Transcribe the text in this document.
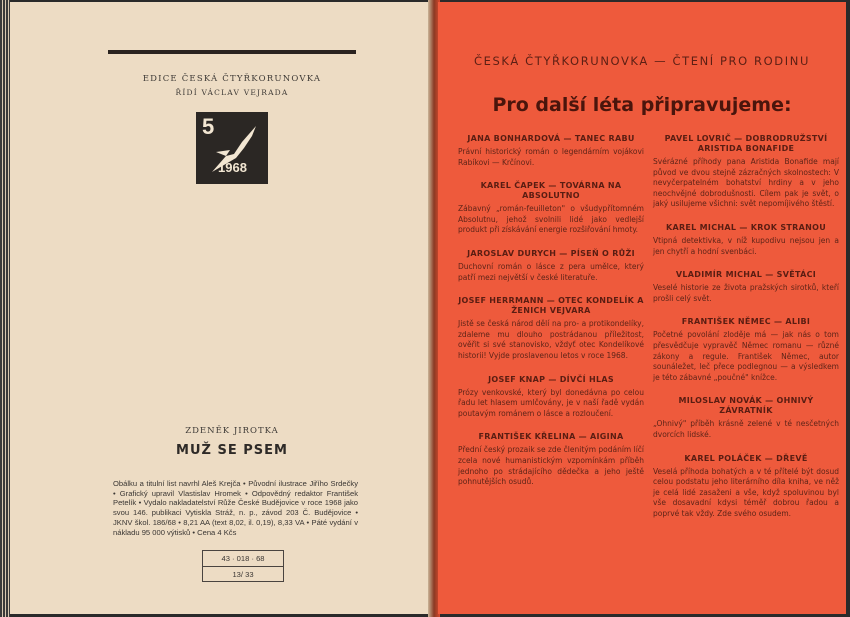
EDICE ČESKÁ ČTYŘKORUNOVKA
ŘÍDÍ VÁCLAV VEJRADA
5
1968
ZDENĚK JIROTKA
MUŽ SE PSEM
Obálku a titulní list navrhl Aleš Krejča • Původní ilustrace Jiřího Srdečky • Grafický upravil Vlastislav Hromek • Odpovědný redaktor František Petelík • Vydalo nakladatelství Růže České Budějovice v roce 1968 jako svou 146. publikaci Vytiskla Stráž, n. p., závod 203 Č. Budějovice • JKNV škol. 186/68 • 8,21 AA (text 8,02, il. 0,19), 8,33 VA • Páté vydání v nákladu 95 000 výtisků • Cena 4 Kčs
43 · 018 · 68
13/ 33
ČESKÁ ČTYŘKORUNOVKA — ČTENÍ PRO RODINU
Pro další léta připravujeme:
JANA BONHARDOVÁ — TANEC RABU
Právní historický román o legendárním vojákovi Rabíkovi — Krčínovi.
KAREL ČAPEK — TOVÁRNA NA ABSOLUTNO
Zábavný „román-feuilleton" o všudypřítomném Absolutnu, jehož svolnili lidé jako vedlejší produkt při získávání energie rozšiřování hmoty.
JAROSLAV DURYCH — PÍSEŇ O RŮŽI
Duchovní román o lásce z pera umělce, který patří mezi největší v české literatuře.
JOSEF HERRMANN — OTEC KONDELÍK A ŽENICH VEJVARA
Jistě se česká národ dělí na pro- a protikondelíky, zdaleme mu dlouho postrádanou příležitost, ověřit si své stanovisko, vždyť otec Kondelíkové historii! Vyjde proslavenou letos v roce 1968.
JOSEF KNAP — DÍVČÍ HLAS
Prózy venkovské, který byl donedávna po celou řadu let hlasem umlčovány, je v naší řadě vydán poutavým románem o lásce a rozloučení.
FRANTIŠEK KŘELINA — AIGINA
Přední český prozaik se zde členitým podáním líčí zcela nové humanistickým vzpomínkám příběh jednoho po strádajícího dědečka a jeho ještě pohnutějších osudů.
PAVEL LOVRIČ — DOBRODRUŽSTVÍ ARISTIDA BONAFIDE
Svérázné příhody pana Aristida Bonafide mají původ ve dvou stejně zázračných skolnostech: V nevyčerpatelném bohatství hrdiny a v jeho neochvějné dobrodušnosti. Cílem pak je svět, o jaký usilujeme všichni: svět nepomíjivého štěstí.
KAREL MICHAL — KROK STRANOU
Vtipná detektivka, v níž kupodivu nejsou jen a jen chytří a hodní svenbáci.
VLADIMÍR MICHAL — SVĚTÁCI
Veselé historie ze života pražských sirotků, kteří prošli celý svět.
FRANTIŠEK NĚMEC — ALIBI
Početné povolání zloděje má — jak nás o tom přesvědčuje vypravěč Němec romanu — různé zákony a regule. František Němec, autor sounáležet, leč přece podlegnou — a výsledkem je této zábavné „poučné" knížce.
MILOSLAV NOVÁK — OHNIVÝ ZÁVRATNÍK
„Ohnivý" příběh krásně zelené v té nesčetných dvorcích lidské.
KAREL POLÁČEK — DŘEVĚ
Veselá příhoda bohatých a v té přítelé být dosud celou podstatu jeho literárního díla kniha, ve něž je celá lidé zasaženi a vše, když spoluvinou byl vše dosavadní kdysi téměř dobrou řadou a poprvé tak vždy. Zde svého osudem.
